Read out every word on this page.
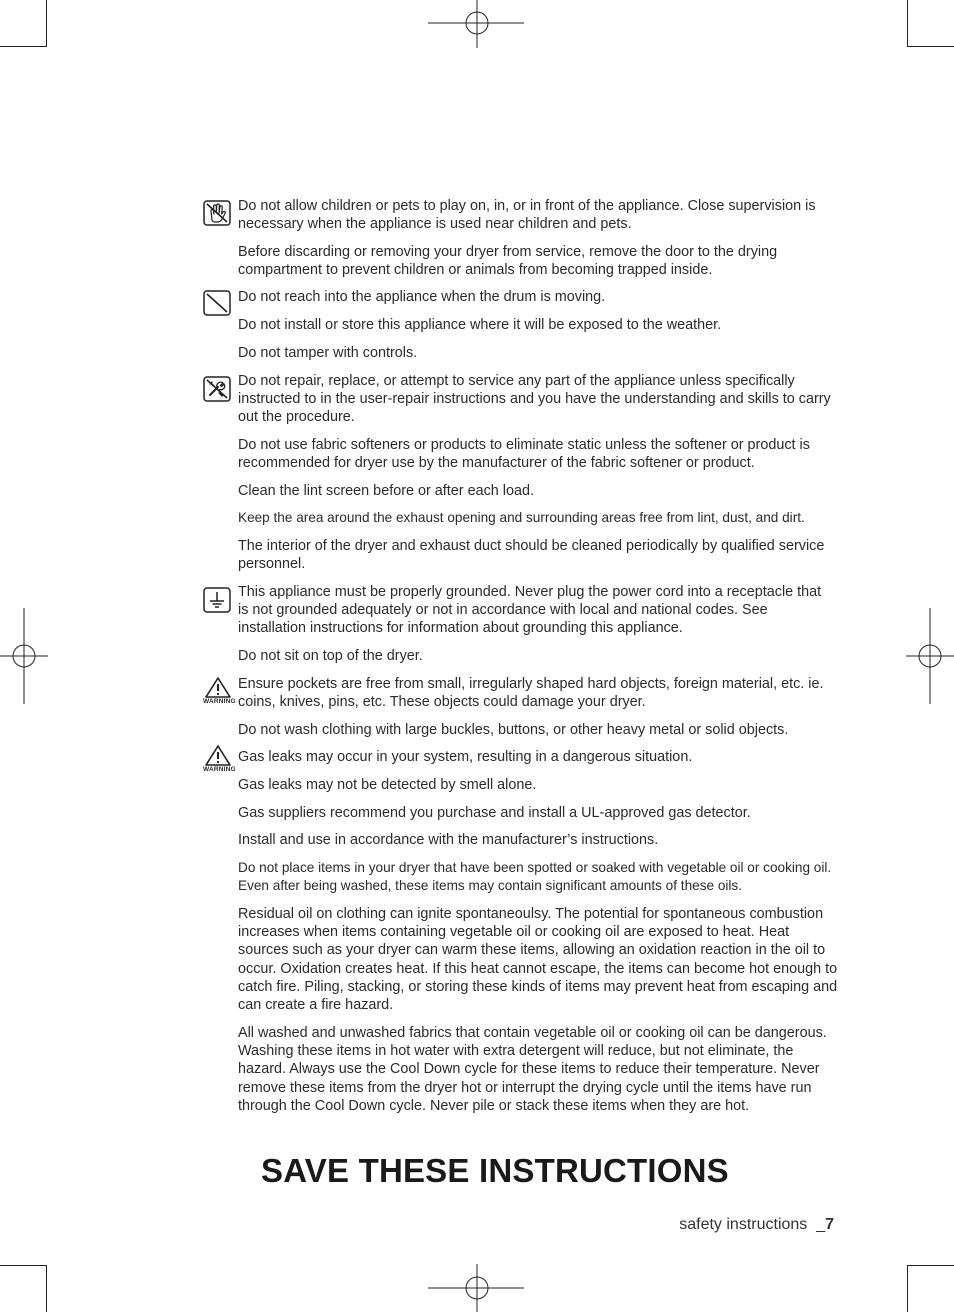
WARNING
WARNING

Do not allow children or pets to play on, in, or in front of the appliance. Close supervision is necessary when the appliance is used near children and pets.

Before discarding or removing your dryer from service, remove the door to the drying compartment to prevent children or animals from becoming trapped inside.

Do not reach into the appliance when the drum is moving.

Do not install or store this appliance where it will be exposed to the weather.

Do not tamper with controls.

Do not repair, replace, or attempt to service any part of the appliance unless specifically instructed to in the user-repair instructions and you have the understanding and skills to carry out the procedure.

Do not use fabric softeners or products to eliminate static unless the softener or product is recommended for dryer use by the manufacturer of the fabric softener or product.

Clean the lint screen before or after each load.

Keep the area around the exhaust opening and surrounding areas free from lint, dust, and dirt.

The interior of the dryer and exhaust duct should be cleaned periodically by qualified service personnel.

This appliance must be properly grounded. Never plug the power cord into a receptacle that is not grounded adequately or not in accordance with local and national codes. See installation instructions for information about grounding this appliance.

Do not sit on top of the dryer.

Ensure pockets are free from small, irregularly shaped hard objects, foreign material, etc. ie. coins, knives, pins, etc. These objects could damage your dryer.

Do not wash clothing with large buckles, buttons, or other heavy metal or solid objects.

Gas leaks may occur in your system, resulting in a dangerous situation.

Gas leaks may not be detected by smell alone.

Gas suppliers recommend you purchase and install a UL-approved gas detector.

Install and use in accordance with the manufacturer’s instructions.

Do not place items in your dryer that have been spotted or soaked with vegetable oil or cooking oil. Even after being washed, these items may contain significant amounts of these oils.

Residual oil on clothing can ignite spontaneoulsy. The potential for spontaneous combustion increases when items containing vegetable oil or cooking oil are exposed to heat. Heat sources such as your dryer can warm these items, allowing an oxidation reaction in the oil to occur. Oxidation creates heat. If this heat cannot escape, the items can become hot enough to catch fire. Piling, stacking, or storing these kinds of items may prevent heat from escaping and can create a fire hazard.

All washed and unwashed fabrics that contain vegetable oil or cooking oil can be dangerous. Washing these items in hot water with extra detergent will reduce, but not eliminate, the hazard. Always use the Cool Down cycle for these items to reduce their temperature. Never remove these items from the dryer hot or interrupt the drying cycle until the items have run through the Cool Down cycle. Never pile or stack these items when they are hot.

SAVE THESE INSTRUCTIONS
safety instructions _7
